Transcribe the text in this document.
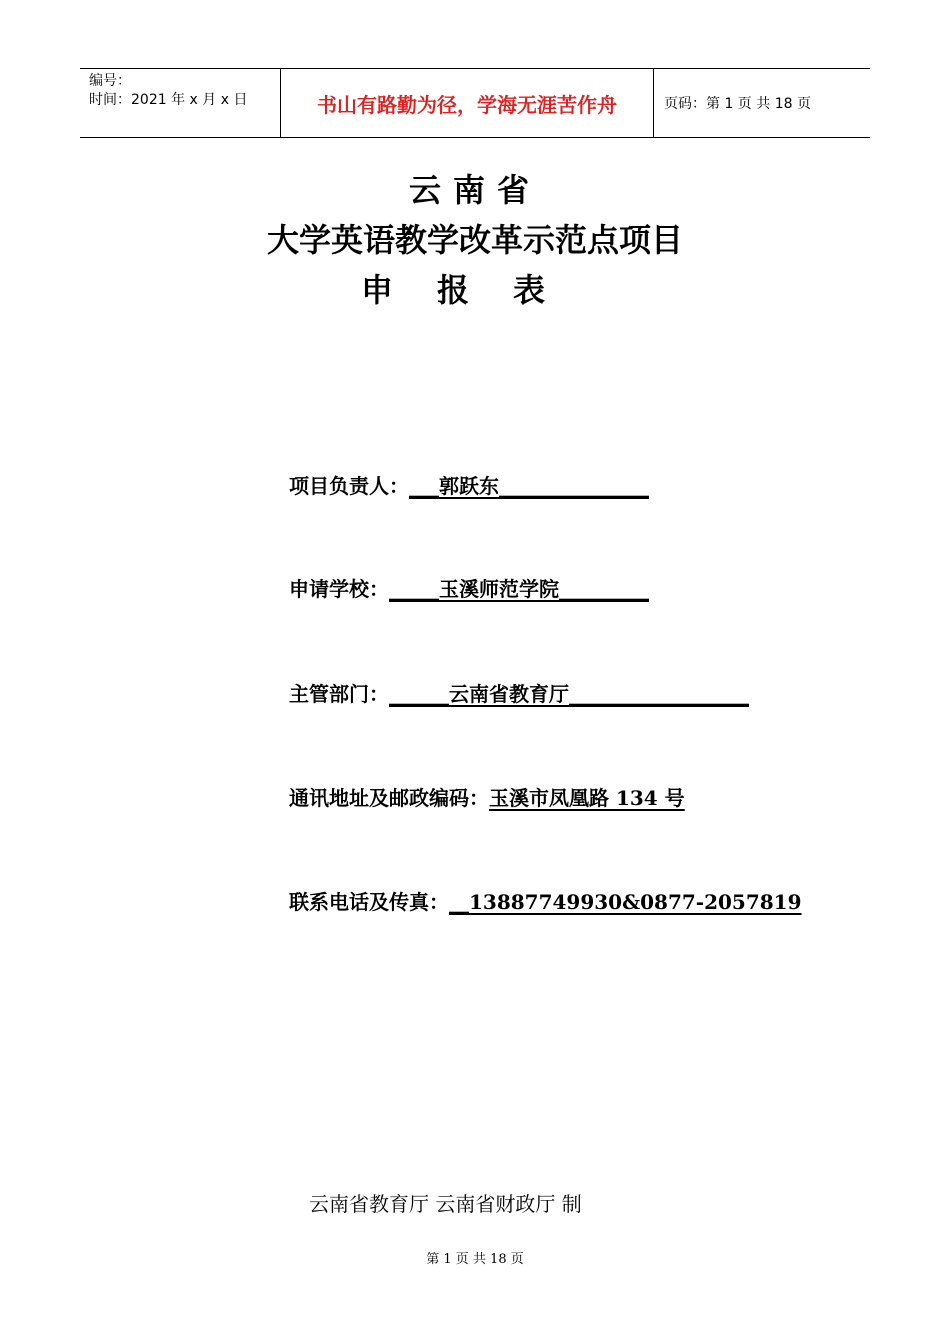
编号：
时间：2021 年 x 月 x 日	书山有路勤为径，学海无涯苦作舟	页码：第 1 页 共 18 页
云南省
大学英语教学改革示范点项目
申报表
项目负责人：___郭跃东_______________
申请学校：_____玉溪师范学院_________
主管部门：______云南省教育厅__________________
通讯地址及邮政编码：玉溪市凤凰路 134 号
联系电话及传真：__13887749930&0877-2057819
云南省教育厅 云南省财政厅 制
第 1 页 共 18 页
